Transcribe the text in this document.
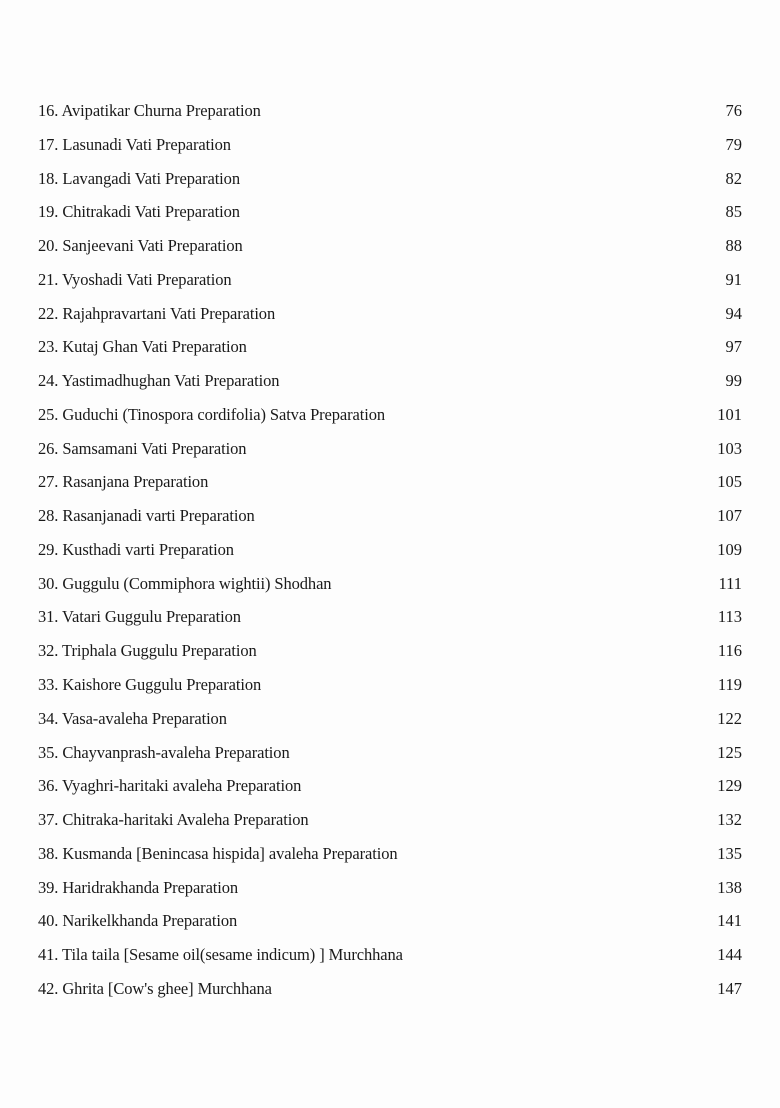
16. Avipatikar Churna Preparation	76
17. Lasunadi Vati Preparation	79
18. Lavangadi Vati Preparation	82
19. Chitrakadi Vati Preparation	85
20. Sanjeevani Vati Preparation	88
21. Vyoshadi Vati Preparation	91
22. Rajahpravartani Vati Preparation	94
23. Kutaj Ghan Vati Preparation	97
24. Yastimadhughan Vati Preparation	99
25. Guduchi (Tinospora cordifolia) Satva Preparation	101
26. Samsamani Vati Preparation	103
27. Rasanjana Preparation	105
28. Rasanjanadi varti Preparation	107
29. Kusthadi varti Preparation	109
30. Guggulu (Commiphora wightii) Shodhan	111
31. Vatari Guggulu Preparation	113
32. Triphala Guggulu Preparation	116
33. Kaishore Guggulu Preparation	119
34. Vasa-avaleha Preparation	122
35. Chayvanprash-avaleha Preparation	125
36. Vyaghri-haritaki avaleha Preparation	129
37. Chitraka-haritaki Avaleha Preparation	132
38. Kusmanda [Benincasa hispida] avaleha Preparation	135
39. Haridrakhanda Preparation	138
40. Narikelkhanda Preparation	141
41. Tila taila [Sesame oil(sesame indicum) ] Murchhana	144
42. Ghrita [Cow's ghee] Murchhana	147
